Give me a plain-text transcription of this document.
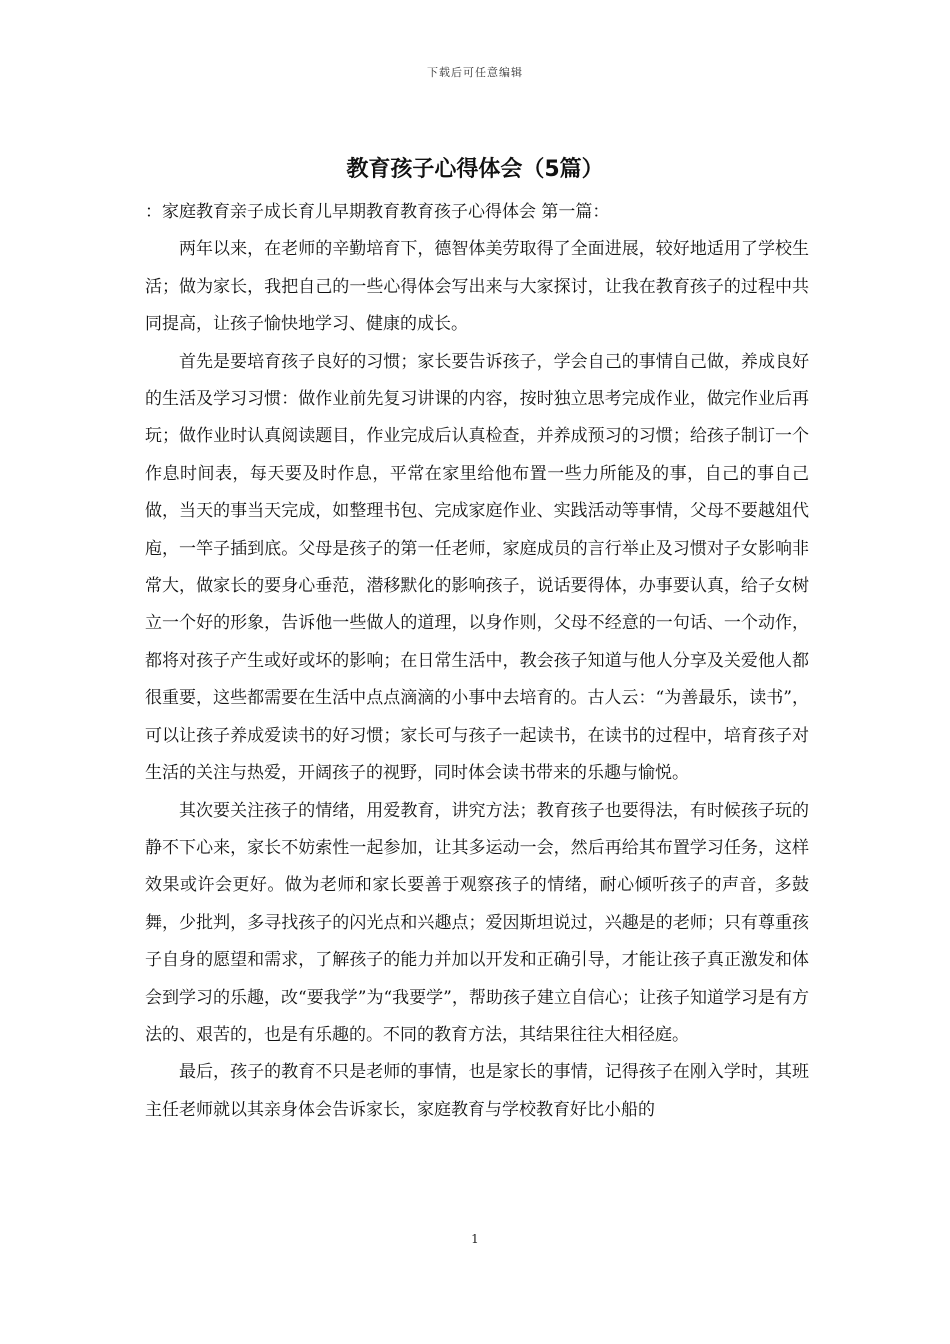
下载后可任意编辑
教育孩子心得体会（5篇）

：家庭教育亲子成长育儿早期教育教育孩子心得体会 第一篇：

两年以来，在老师的辛勤培育下，德智体美劳取得了全面进展，较好地适用了学校生活；做为家长，我把自己的一些心得体会写出来与大家探讨，让我在教育孩子的过程中共同提高，让孩子愉快地学习、健康的成长。

首先是要培育孩子良好的习惯；家长要告诉孩子，学会自己的事情自己做，养成良好的生活及学习习惯：做作业前先复习讲课的内容，按时独立思考完成作业，做完作业后再玩；做作业时认真阅读题目，作业完成后认真检查，并养成预习的习惯；给孩子制订一个作息时间表，每天要及时作息，平常在家里给他布置一些力所能及的事，自己的事自己做，当天的事当天完成，如整理书包、完成家庭作业、实践活动等事情，父母不要越俎代庖，一竿子插到底。父母是孩子的第一任老师，家庭成员的言行举止及习惯对子女影响非常大，做家长的要身心垂范，潜移默化的影响孩子，说话要得体，办事要认真，给子女树立一个好的形象，告诉他一些做人的道理，以身作则，父母不经意的一句话、一个动作，都将对孩子产生或好或坏的影响；在日常生活中，教会孩子知道与他人分享及关爱他人都很重要，这些都需要在生活中点点滴滴的小事中去培育的。古人云：“为善最乐，读书”，可以让孩子养成爱读书的好习惯；家长可与孩子一起读书，在读书的过程中，培育孩子对生活的关注与热爱，开阔孩子的视野，同时体会读书带来的乐趣与愉悦。

其次要关注孩子的情绪，用爱教育，讲究方法；教育孩子也要得法，有时候孩子玩的静不下心来，家长不妨索性一起参加，让其多运动一会，然后再给其布置学习任务，这样效果或许会更好。做为老师和家长要善于观察孩子的情绪，耐心倾听孩子的声音，多鼓舞，少批判，多寻找孩子的闪光点和兴趣点；爱因斯坦说过，兴趣是的老师；只有尊重孩子自身的愿望和需求，了解孩子的能力并加以开发和正确引导，才能让孩子真正激发和体会到学习的乐趣，改“要我学”为“我要学”，帮助孩子建立自信心；让孩子知道学习是有方法的、艰苦的，也是有乐趣的。不同的教育方法，其结果往往大相径庭。

最后，孩子的教育不只是老师的事情，也是家长的事情，记得孩子在刚入学时，其班主任老师就以其亲身体会告诉家长，家庭教育与学校教育好比小船的

1
